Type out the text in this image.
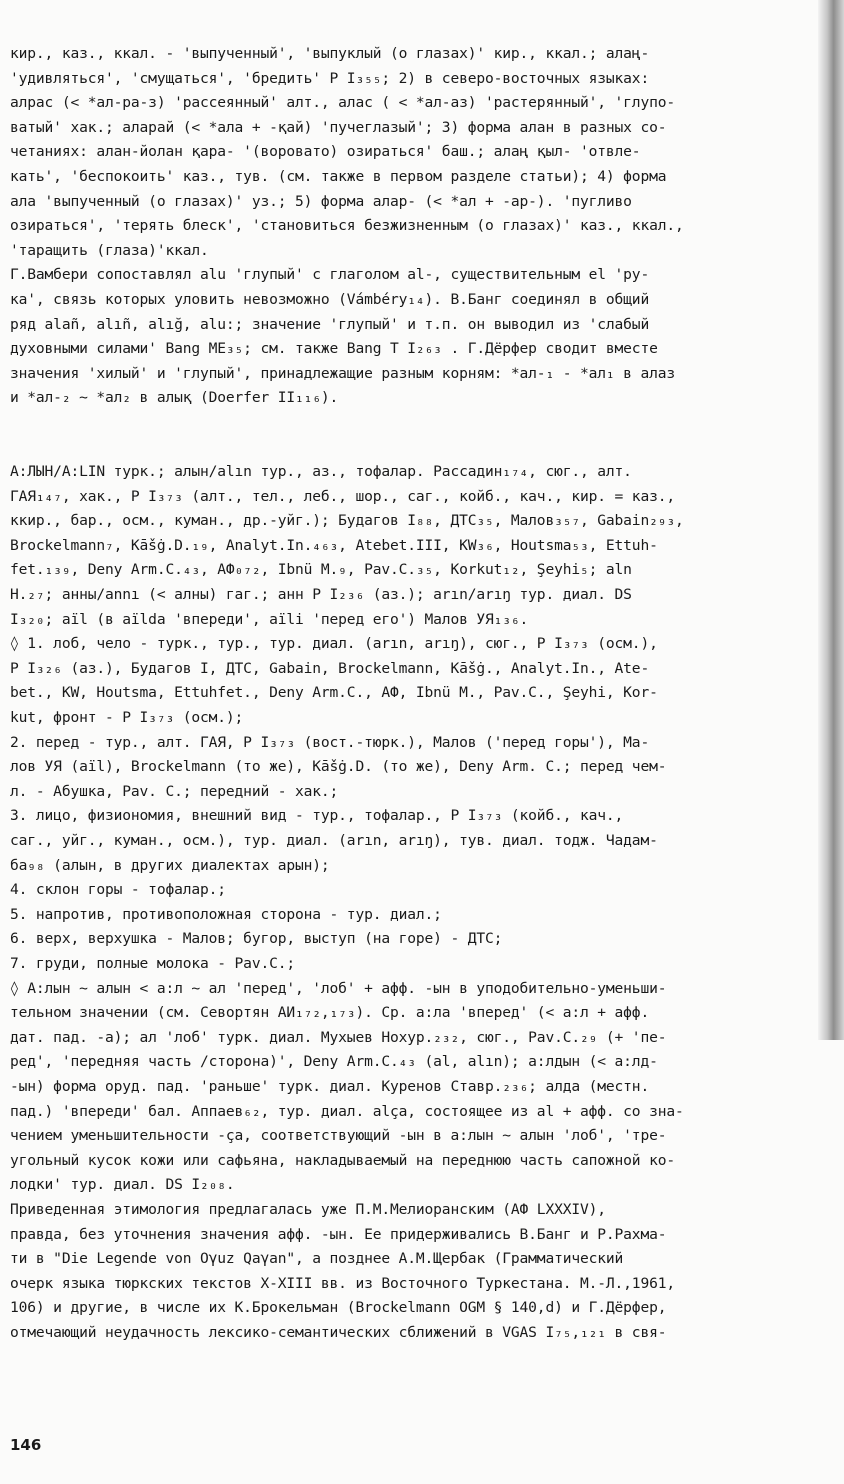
кир., каз., ккал. - 'выпученный', 'выпуклый (о глазах)' кир., ккал.; алаң-
'удивляться', 'смущаться', 'бредить' Р I₃₅₅; 2) в северо-восточных языках:
алрас (< *ал-ра-з) 'рассеянный' алт., алас ( < *ал-аз) 'растерянный', 'глупо-
ватый' хак.; аларай (< *ала + -қай) 'пучеглазый'; 3) форма алан в разных со-
четаниях: алан-йолан қара- '(воровато) озираться' баш.; алаң қыл- 'отвле-
кать', 'беспокоить' каз., тув. (см. также в первом разделе статьи); 4) форма
ала 'выпученный (о глазах)' уз.; 5) форма алар- (< *ал + -ар-). 'пугливо
озираться', 'терять блеск', 'становиться безжизненным (о глазах)' каз., ккал.,
'таращить (глаза)'ккал.
Г.Вамбери сопоставлял alu 'глупый' с глаголом al-, существительным el 'ру-
ка', связь которых уловить невозможно (Vámbéry₁₄). В.Банг соединял в общий
ряд alañ, alıñ, alığ, alu:; значение 'глупый' и т.п. он выводил из 'слабый
духовными силами' Bang ME₃₅; см. также Bang T I₂₆₃ . Г.Дёрфер сводит вместе
значения 'хилый' и 'глупый', принадлежащие разным корням: *ал-₁ - *ал₁ в алаз
и *ал-₂ ~ *ал₂ в алық (Doerfer II₁₁₆).
А:ЛЫН/А:LIN турк.; алын/alın тур., аз., тофалар. Рассадин₁₇₄, сюг., алт.
ГАЯ₁₄₇, хак., Р I₃₇₃ (алт., тел., леб., шор., саг., койб., кач., кир. = каз.,
ккир., бар., осм., куман., др.-уйг.); Будагов I₈₈, ДТС₃₅, Малов₃₅₇, Gabain₂₉₃,
Brockelmann₇, Kāšġ.D.₁₉, Analyt.In.₄₆₃, Atebet.III, KW₃₆, Houtsma₅₃, Ettuh-
fet.₁₃₉, Deny Arm.C.₄₃, АФ₀₇₂, Ibnü M.₉, Pav.C.₃₅, Korkut₁₂, Şeyhi₅; aln
H.₂₇; анны/annı (< алны) гаг.; анн Р I₂₃₆ (аз.); arın/arıŋ тур. диал. DS
I₃₂₀; aïl (в aïlda 'впереди', aïli 'перед его') Малов УЯ₁₃₆.
◊ 1. лоб, чело - турк., тур., тур. диал. (arın, arıŋ), сюг., Р I₃₇₃ (осм.),
Р I₃₂₆ (аз.), Будагов I, ДТС, Gabain, Brockelmann, Kāšġ., Analyt.In., Ate-
bet., KW, Houtsma, Ettuhfet., Deny Arm.C., АФ, Ibnü M., Pav.C., Şeyhi, Kor-
kut, фронт - Р I₃₇₃ (осм.);
2. перед - тур., алт. ГАЯ, Р I₃₇₃ (вост.-тюрк.), Малов ('перед горы'), Ма-
лов УЯ (aïl), Brockelmann (то же), Kāšġ.D. (то же), Deny Arm. C.; перед чем-
л. - Абушка, Pav. C.; передний - хак.;
3. лицо, физиономия, внешний вид - тур., тофалар., Р I₃₇₃ (койб., кач.,
саг., уйг., куман., осм.), тур. диал. (arın, arıŋ), тув. диал. тодж. Чадам-
ба₉₈ (алын, в других диалектах арын);
4. склон горы - тофалар.;
5. напротив, противоположная сторона - тур. диал.;
6. верх, верхушка - Малов; бугор, выступ (на горе) - ДТС;
7. груди, полные молока - Pav.C.;
◊ А:лын ~ алын < а:л ~ ал 'перед', 'лоб' + афф. -ын в уподобительно-уменьши-
тельном значении (см. Севортян АИ₁₇₂,₁₇₃). Ср. а:ла 'вперед' (< а:л + афф.
дат. пад. -а); ал 'лоб' турк. диал. Мухыев Нохур.₂₃₂, сюг., Pav.C.₂₉ (+ 'пе-
ред', 'передняя часть /сторона)', Deny Arm.C.₄₃ (al, alın); а:лдын (< а:лд-
-ын) форма оруд. пад. 'раньше' турк. диал. Куренов Ставр.₂₃₆; алда (местн.
пад.) 'впереди' бал. Аппаев₆₂, тур. диал. alça, состоящее из al + афф. со зна-
чением уменьшительности -ça, соответствующий -ын в а:лын ~ алын 'лоб', 'тре-
угольный кусок кожи или сафьяна, накладываемый на переднюю часть сапожной ко-
лодки' тур. диал. DS I₂₀₈.
Приведенная этимология предлагалась уже П.М.Мелиоранским (АФ LXXXIV),
правда, без уточнения значения афф. -ын. Ее придерживались В.Банг и Р.Рахма-
ти в "Die Legende von Oγuz Qaγan", а позднее А.М.Щербак (Грамматический
очерк языка тюркских текстов X-XIII вв. из Восточного Туркестана. М.-Л.,1961,
106) и другие, в числе их К.Брокельман (Brockelmann OGM § 140,d) и Г.Дёрфер,
отмечающий неудачность лексико-семантических сближений в VGAS I₇₅,₁₂₁ в свя-
146
